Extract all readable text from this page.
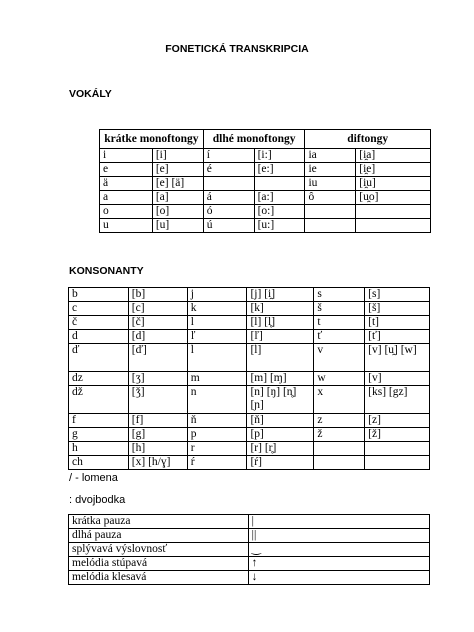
FONETICKÁ TRANSKRIPCIA
VOKÁLY
krátke monoftongy		dlhé monoftongy		diftongy	
i	[i]	í	[i:]	ia	[i̯a]
e	[e]	é	[e:]	ie	[i̯e]
ä	[e] [ä]			iu	[i̯u]
a	[a]	á	[a:]	ô	[u̯o]
o	[o]	ó	[o:]		
u	[u]	ú	[u:]		
KONSONANTY
b	[b]	j	[j] [i̯]	s	[s]
c	[c]	k	[k]	š	[š]
č	[č]	l	[l] [l̥]	t	[t]
d	[d]	ľ	[ľ]	ť	[ť]
ď	[ď]	ĺ	[ĺ]	v	[v] [u̯] [w]
dz	[ʒ]	m	[m] [ɱ]	w	[v]
dž	[ǯ]	n	[n] [ŋ] [n̥] [ɲ]	x	[ks] [gz]
f	[f]	ň	[ň]	z	[z]
g	[g]	p	[p]	ž	[ž]
h	[h]	r	[r] [r̥]		
ch	[x] [h/ɣ]	ŕ	[ŕ]		
/ - lomena
: dvojbodka
krátka pauza	|
dlhá pauza	||
splývavá výslovnosť	‿
melódia stúpavá	↑
melódia klesavá	↓
